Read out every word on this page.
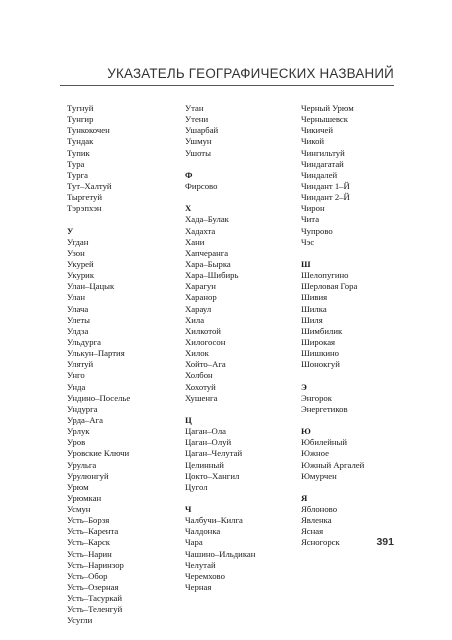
УКАЗАТЕЛЬ ГЕОГРАФИЧЕСКИХ НАЗВАНИЙ
Тугнуй
Тунгир
Тункокочен
Тундак
Тупик
Тура
Турга
Тут–Халтуй
Тыргетуй
Тэрэпхэн
У
Угдан
Узон
Укурей
Укурик
Улан–Цацык
Улан
Улача
Улеты
Улдза
Ульдурга
Улькун–Партия
Улятуй
Унго
Унда
Ундино–Поселье
Ундурга
Урда–Ага
Урлук
Уров
Уровские Ключи
Урульга
Урулюнгуй
Урюм
Урюмкан
Усмун
Усть–Борзя
Усть–Карента
Усть–Карск
Усть–Нарин
Усть–Наринзор
Усть–Обор
Усть–Озерная
Усть–Тасуркай
Усть–Теленгуй
Усугли
Утан
Утени
Ушарбай
Ушмун
Ушоты
Ф
Фирсово
Х
Хада–Булак
Хадахта
Хани
Хапчеранга
Хара–Бырка
Хара–Шибирь
Харагун
Харанор
Хараул
Хила
Хилкотой
Хилогосон
Хилок
Хойто–Ага
Холбон
Хохотуй
Хушенга
Ц
Цаган–Ола
Цаган–Олуй
Цаган–Челутай
Целинный
Цокто–Хангил
Цугол
Ч
Чалбучи–Килга
Чалдонка
Чара
Чашино–Ильдикан
Челутай
Черемхово
Черная
Черный Урюм
Чернышевск
Чикичей
Чикой
Чингильтуй
Чиндагатай
Чиндалей
Чиндант 1–Й
Чиндант 2–Й
Чирон
Чита
Чупрово
Чэс
Ш
Шелопугино
Шерловая Гора
Шивия
Шилка
Шиля
Шимбилик
Широкая
Шишкино
Шонокгуй
Э
Энгорок
Энергетиков
Ю
Юбилейный
Южное
Южный Аргалей
Юмурчен
Я
Яблоново
Явленка
Ясная
Ясногорск	391
